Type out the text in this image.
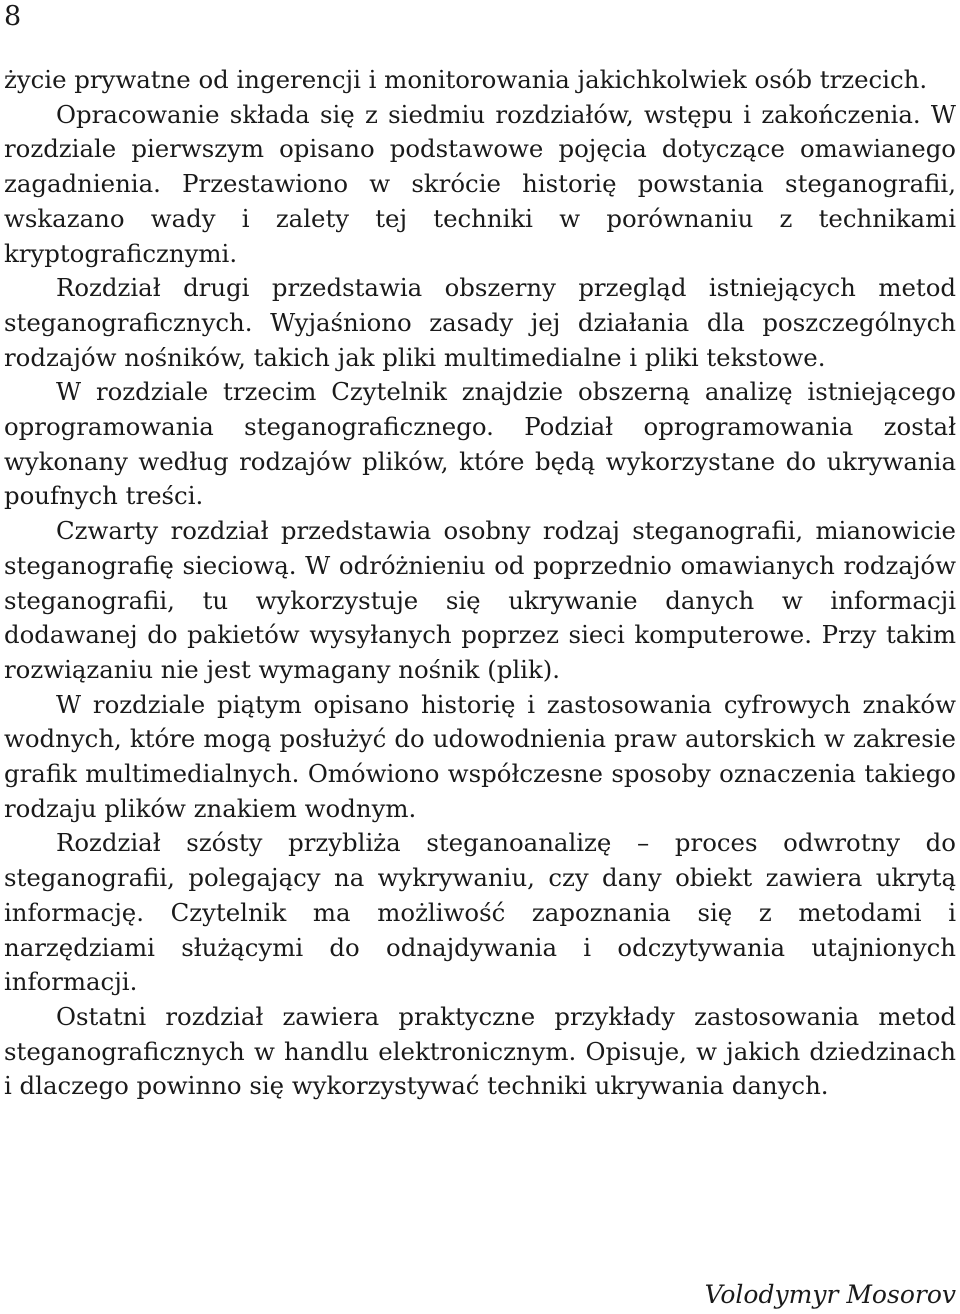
8

życie prywatne od ingerencji i monitorowania jakichkolwiek osób trzecich.

Opracowanie składa się z siedmiu rozdziałów, wstępu i zakończenia. W rozdziale pierwszym opisano podstawowe pojęcia dotyczące omawianego zagadnienia. Przestawiono w skrócie historię powstania steganografii, wskazano wady i zalety tej techniki w porównaniu z technikami kryptograficznymi.

Rozdział drugi przedstawia obszerny przegląd istniejących metod steganograficznych. Wyjaśniono zasady jej działania dla poszczególnych rodzajów nośników, takich jak pliki multimedialne i pliki tekstowe.

W rozdziale trzecim Czytelnik znajdzie obszerną analizę istniejącego oprogramowania steganograficznego. Podział oprogramowania został wykonany według rodzajów plików, które będą wykorzystane do ukrywania poufnych treści.

Czwarty rozdział przedstawia osobny rodzaj steganografii, mianowicie steganografię sieciową. W odróżnieniu od poprzednio omawianych rodzajów steganografii, tu wykorzystuje się ukrywanie danych w informacji dodawanej do pakietów wysyłanych poprzez sieci komputerowe. Przy takim rozwiązaniu nie jest wymagany nośnik (plik).

W rozdziale piątym opisano historię i zastosowania cyfrowych znaków wodnych, które mogą posłużyć do udowodnienia praw autorskich w zakresie grafik multimedialnych. Omówiono współczesne sposoby oznaczenia takiego rodzaju plików znakiem wodnym.

Rozdział szósty przybliża steganoanalizę – proces odwrotny do steganografii, polegający na wykrywaniu, czy dany obiekt zawiera ukrytą informację. Czytelnik ma możliwość zapoznania się z metodami i narzędziami służącymi do odnajdywania i odczytywania utajnionych informacji.

Ostatni rozdział zawiera praktyczne przykłady zastosowania metod steganograficznych w handlu elektronicznym. Opisuje, w jakich dziedzinach i dlaczego powinno się wykorzystywać techniki ukrywania danych.

Volodymyr Mosorov
